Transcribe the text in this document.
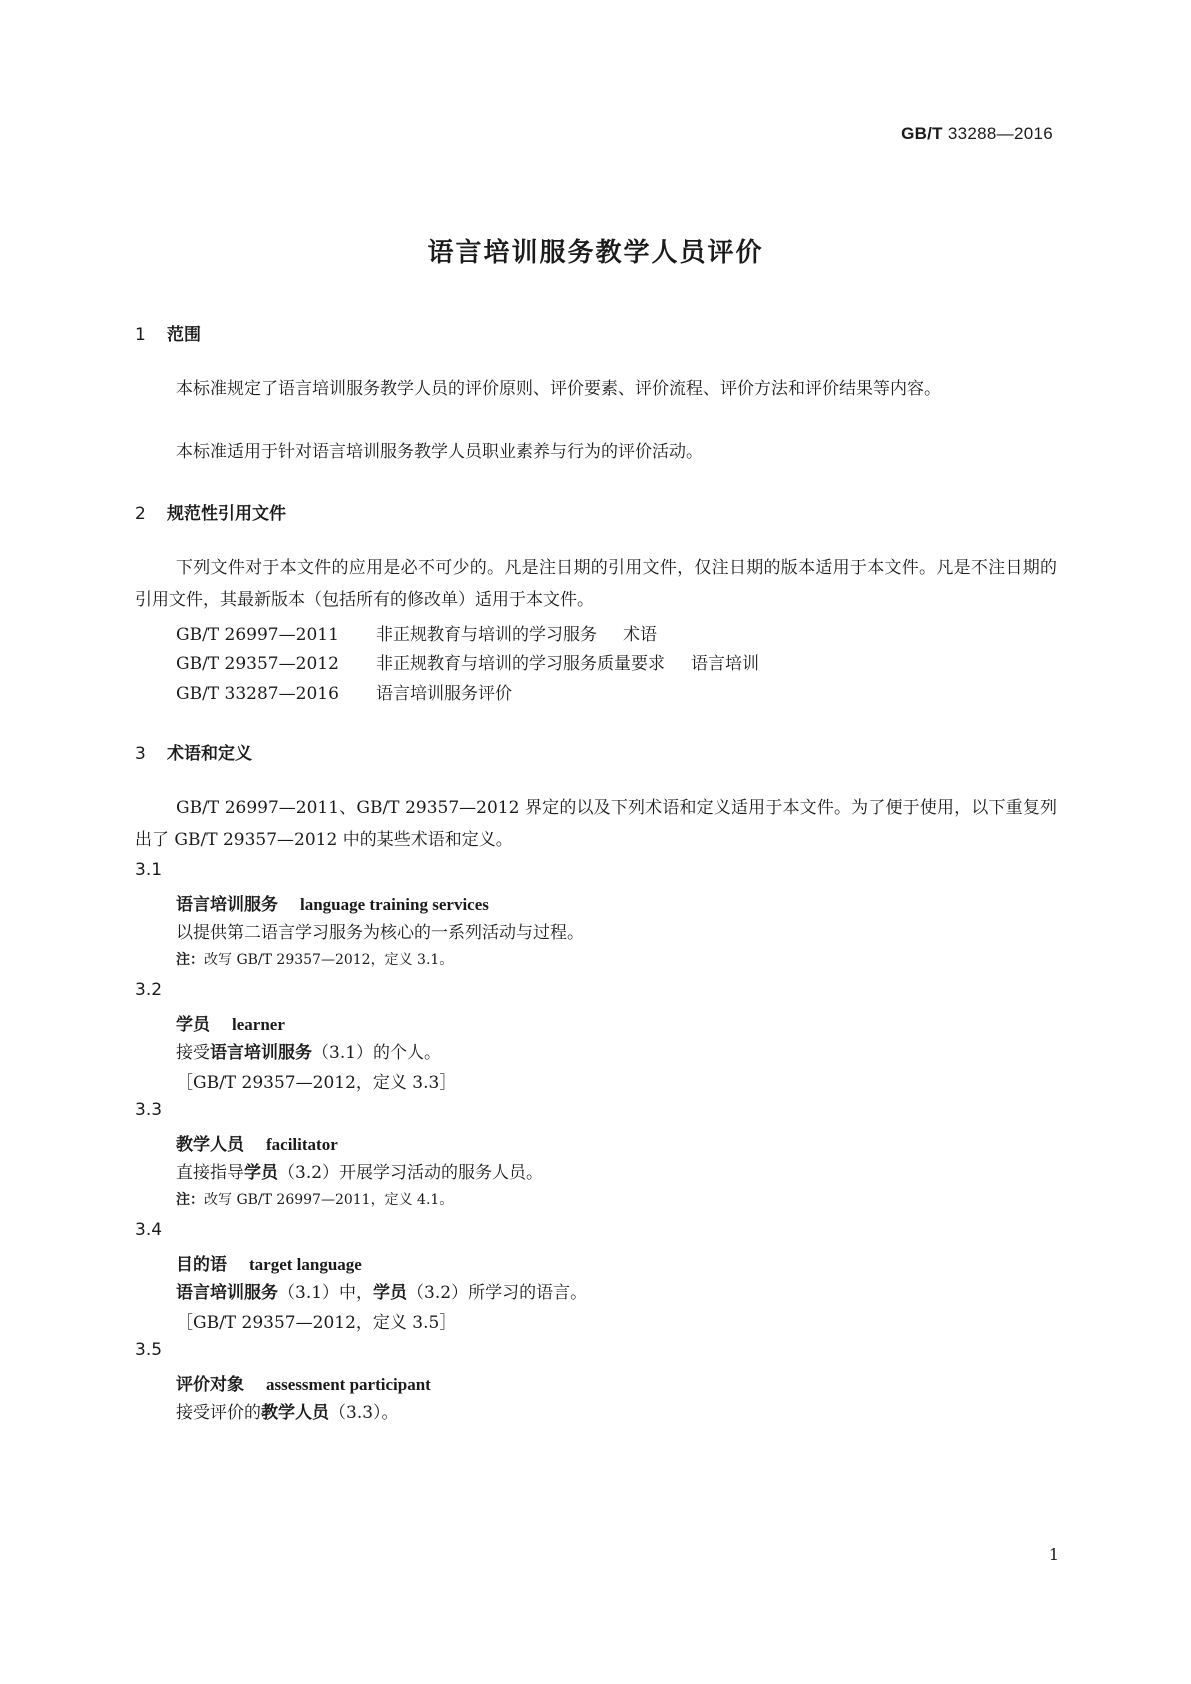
GB/T 33288—2016
语言培训服务教学人员评价
1 范围
本标准规定了语言培训服务教学人员的评价原则、评价要素、评价流程、评价方法和评价结果等内容。
本标准适用于针对语言培训服务教学人员职业素养与行为的评价活动。
2 规范性引用文件
下列文件对于本文件的应用是必不可少的。凡是注日期的引用文件，仅注日期的版本适用于本文件。凡是不注日期的引用文件，其最新版本（包括所有的修改单）适用于本文件。
GB/T 26997—2011 非正规教育与培训的学习服务 术语
GB/T 29357—2012 非正规教育与培训的学习服务质量要求 语言培训
GB/T 33287—2016 语言培训服务评价
3 术语和定义
GB/T 26997—2011、GB/T 29357—2012 界定的以及下列术语和定义适用于本文件。为了便于使用，以下重复列出了 GB/T 29357—2012 中的某些术语和定义。
3.1
语言培训服务 language training services
以提供第二语言学习服务为核心的一系列活动与过程。
注：改写 GB/T 29357—2012，定义 3.1。
3.2
学员 learner
接受语言培训服务（3.1）的个人。
［GB/T 29357—2012，定义 3.3］
3.3
教学人员 facilitator
直接指导学员（3.2）开展学习活动的服务人员。
注：改写 GB/T 26997—2011，定义 4.1。
3.4
目的语 target language
语言培训服务（3.1）中，学员（3.2）所学习的语言。
［GB/T 29357—2012，定义 3.5］
3.5
评价对象 assessment participant
接受评价的教学人员（3.3）。
1
